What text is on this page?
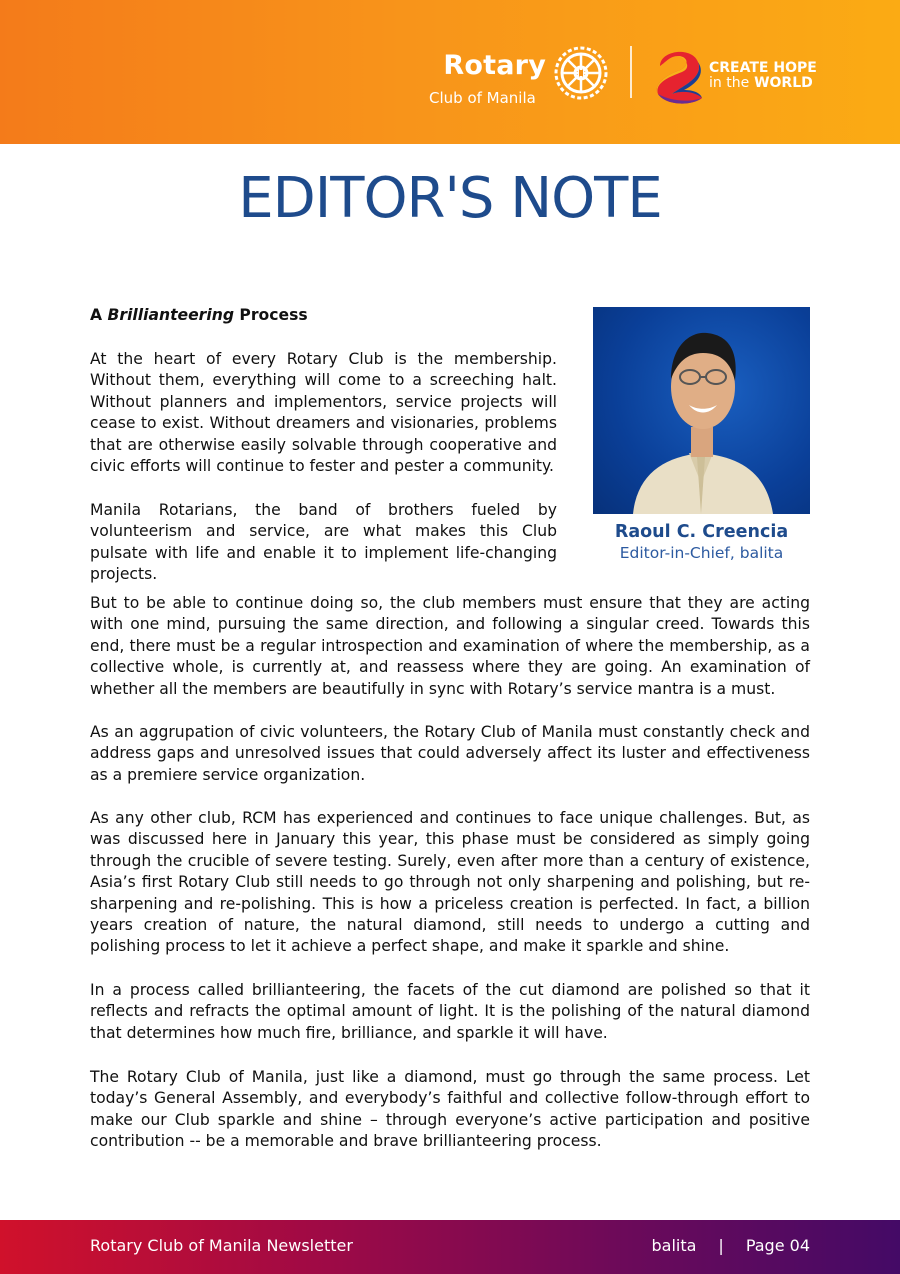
Rotary
Club of Manila
CREATE HOPE
in the WORLD
EDITOR'S NOTE
A Brillianteering Process
At the heart of every Rotary Club is the membership. Without them, everything will come to a screeching halt. Without planners and implementors, service projects will cease to exist. Without dreamers and visionaries, problems that are otherwise easily solvable through cooperative and civic efforts will continue to fester and pester a community.
Manila Rotarians, the band of brothers fueled by volunteerism and service, are what makes this Club pulsate with life and enable it to implement life-changing projects.
Raoul C. Creencia
Editor-in-Chief, balita
But to be able to continue doing so, the club members must ensure that they are acting with one mind, pursuing the same direction, and following a singular creed. Towards this end, there must be a regular introspection and examination of where the membership, as a collective whole, is currently at, and reassess where they are going. An examination of whether all the members are beautifully in sync with Rotary’s service mantra is a must.
As an aggrupation of civic volunteers, the Rotary Club of Manila must constantly check and address gaps and unresolved issues that could adversely affect its luster and effectiveness as a premiere service organization.
As any other club, RCM has experienced and continues to face unique challenges. But, as was discussed here in January this year, this phase must be considered as simply going through the crucible of severe testing. Surely, even after more than a century of existence, Asia’s first Rotary Club still needs to go through not only sharpening and polishing, but re-sharpening and re-polishing. This is how a priceless creation is perfected. In fact, a billion years creation of nature, the natural diamond, still needs to undergo a cutting and polishing process to let it achieve a perfect shape, and make it sparkle and shine.
In a process called brillianteering, the facets of the cut diamond are polished so that it reflects and refracts the optimal amount of light. It is the polishing of the natural diamond that determines how much fire, brilliance, and sparkle it will have.
The Rotary Club of Manila, just like a diamond, must go through the same process. Let today’s General Assembly, and everybody’s faithful and collective follow-through effort to make our Club sparkle and shine – through everyone’s active participation and positive contribution -- be a memorable and brave brillianteering process.
Rotary Club of Manila Newsletter	balita | Page 04
